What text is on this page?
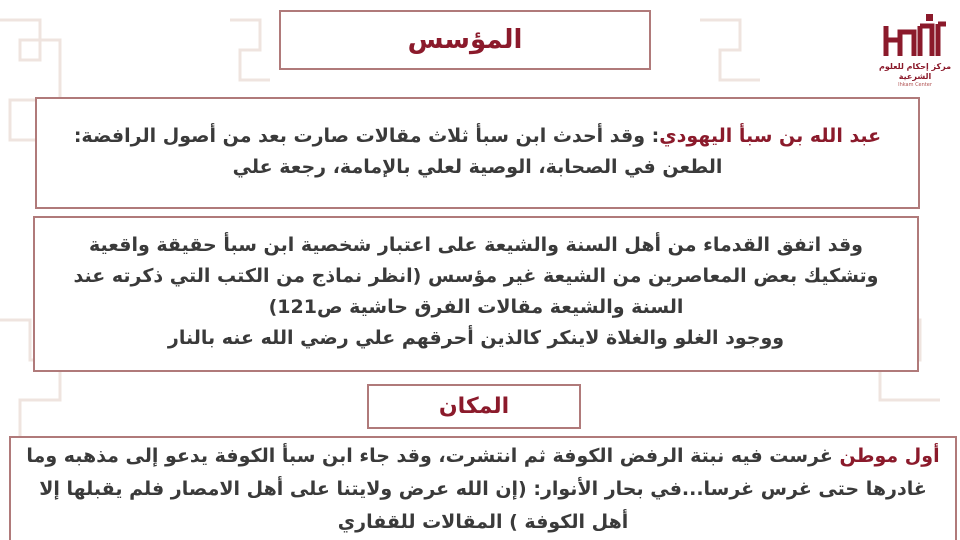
المؤسس
مركز إحكام للعلوم الشرعية
Ihkam Center

عبد الله بن سبأ اليهودي: وقد أحدث ابن سبأ ثلاث مقالات صارت بعد من أصول الرافضة: الطعن في الصحابة، الوصية لعلي بالإمامة، رجعة علي

وقد اتفق القدماء من أهل السنة والشيعة على اعتبار شخصية ابن سبأ حقيقة واقعية وتشكيك بعض المعاصرين من الشيعة غير مؤسس (انظر نماذج من الكتب التي ذكرته عند السنة والشيعة مقالات الفرق حاشية ص121)

ووجود الغلو والغلاة لاينكر كالذين أحرقهم علي رضي الله عنه بالنار

المكان

أول موطن غرست فيه نبتة الرفض الكوفة ثم انتشرت، وقد جاء ابن سبأ الكوفة يدعو إلى مذهبه وما غادرها حتى غرس غرسا...في بحار الأنوار: (إن الله عرض ولايتنا على أهل الامصار فلم يقبلها إلا أهل الكوفة ) المقالات للقفاري
